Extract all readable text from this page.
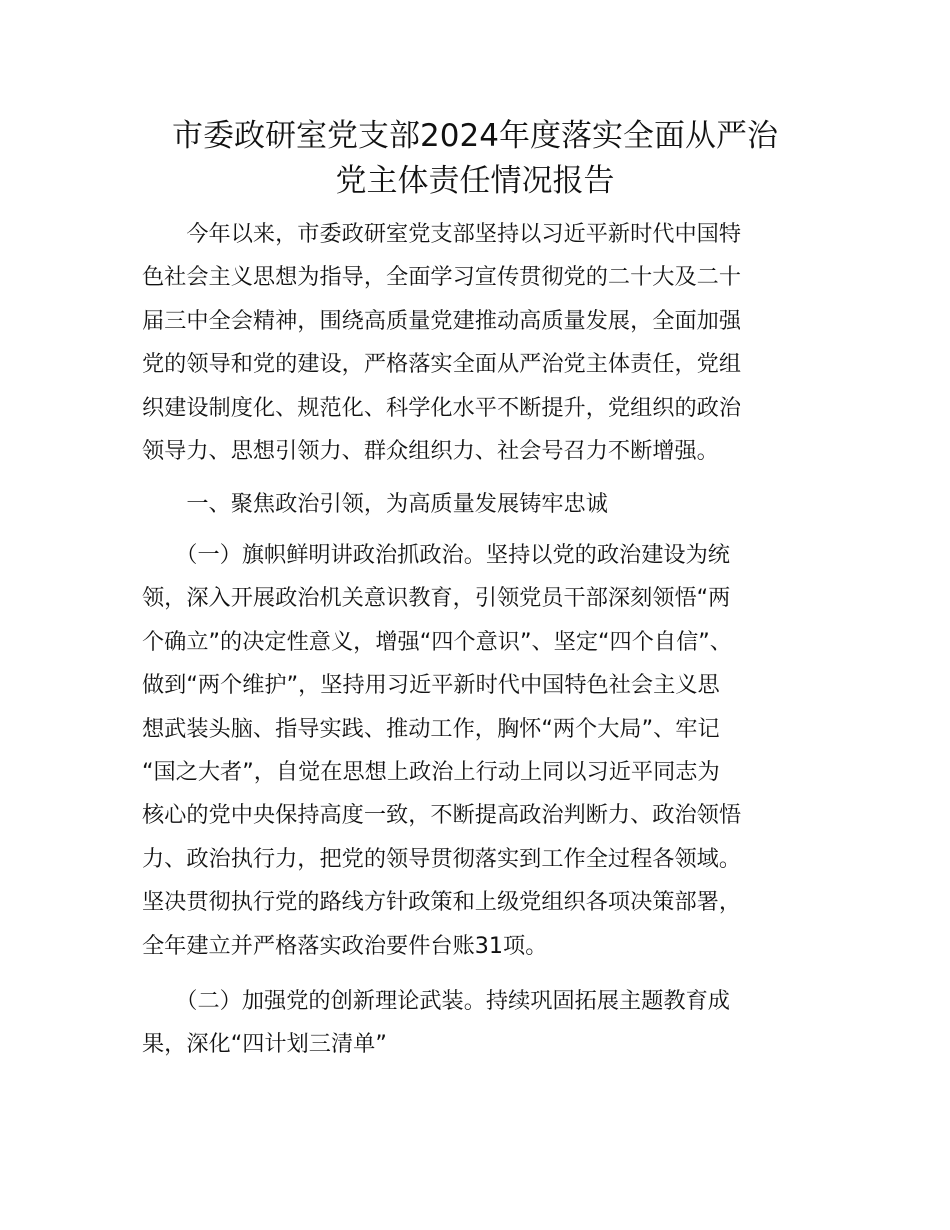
市委政研室党支部2024年度落实全面从严治
党主体责任情况报告
　　今年以来，市委政研室党支部坚持以习近平新时代中国特
色社会主义思想为指导，全面学习宣传贯彻党的二十大及二十
届三中全会精神，围绕高质量党建推动高质量发展，全面加强
党的领导和党的建设，严格落实全面从严治党主体责任，党组
织建设制度化、规范化、科学化水平不断提升，党组织的政治
领导力、思想引领力、群众组织力、社会号召力不断增强。
　　一、聚焦政治引领，为高质量发展铸牢忠诚
　　（一）旗帜鲜明讲政治抓政治。坚持以党的政治建设为统
领，深入开展政治机关意识教育，引领党员干部深刻领悟“两
个确立”的决定性意义，增强“四个意识”、坚定“四个自信”、
做到“两个维护”，坚持用习近平新时代中国特色社会主义思
想武装头脑、指导实践、推动工作，胸怀“两个大局”、牢记
“国之大者”，自觉在思想上政治上行动上同以习近平同志为
核心的党中央保持高度一致，不断提高政治判断力、政治领悟
力、政治执行力，把党的领导贯彻落实到工作全过程各领域。
坚决贯彻执行党的路线方针政策和上级党组织各项决策部署，
全年建立并严格落实政治要件台账31项。
　　（二）加强党的创新理论武装。持续巩固拓展主题教育成
果，深化“四计划三清单”
